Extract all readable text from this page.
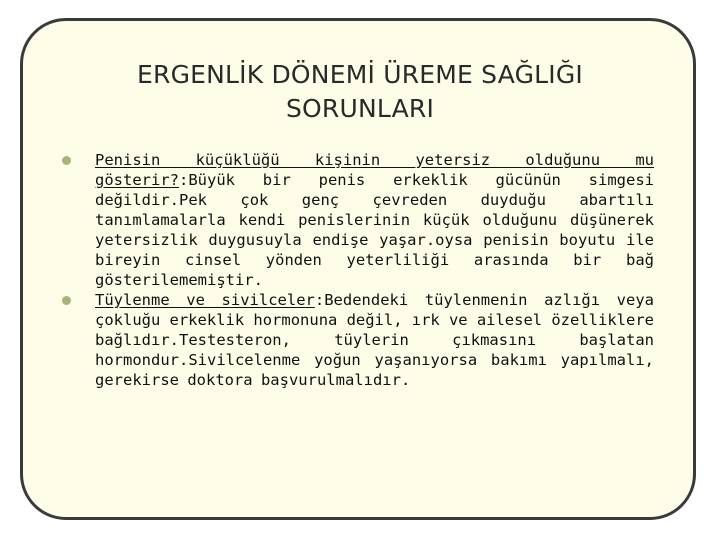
ERGENLİK DÖNEMİ ÜREME SAĞLIĞI
SORUNLARI
Penisin küçüklüğü kişinin yetersiz olduğunu mu gösterir?:Büyük bir penis erkeklik gücünün simgesi değildir.Pek çok genç çevreden duyduğu abartılı tanımlamalarla kendi penislerinin küçük olduğunu düşünerek yetersizlik duygusuyla endişe yaşar.oysa penisin boyutu ile bireyin cinsel yönden yeterliliği arasında bir bağ gösterilememiştir.
Tüylenme ve sivilceler:Bedendeki tüylenmenin azlığı veya çokluğu erkeklik hormonuna değil, ırk ve ailesel özelliklere bağlıdır.Testesteron, tüylerin çıkmasını başlatan hormondur.Sivilcelenme yoğun yaşanıyorsa bakımı yapılmalı, gerekirse doktora başvurulmalıdır.
